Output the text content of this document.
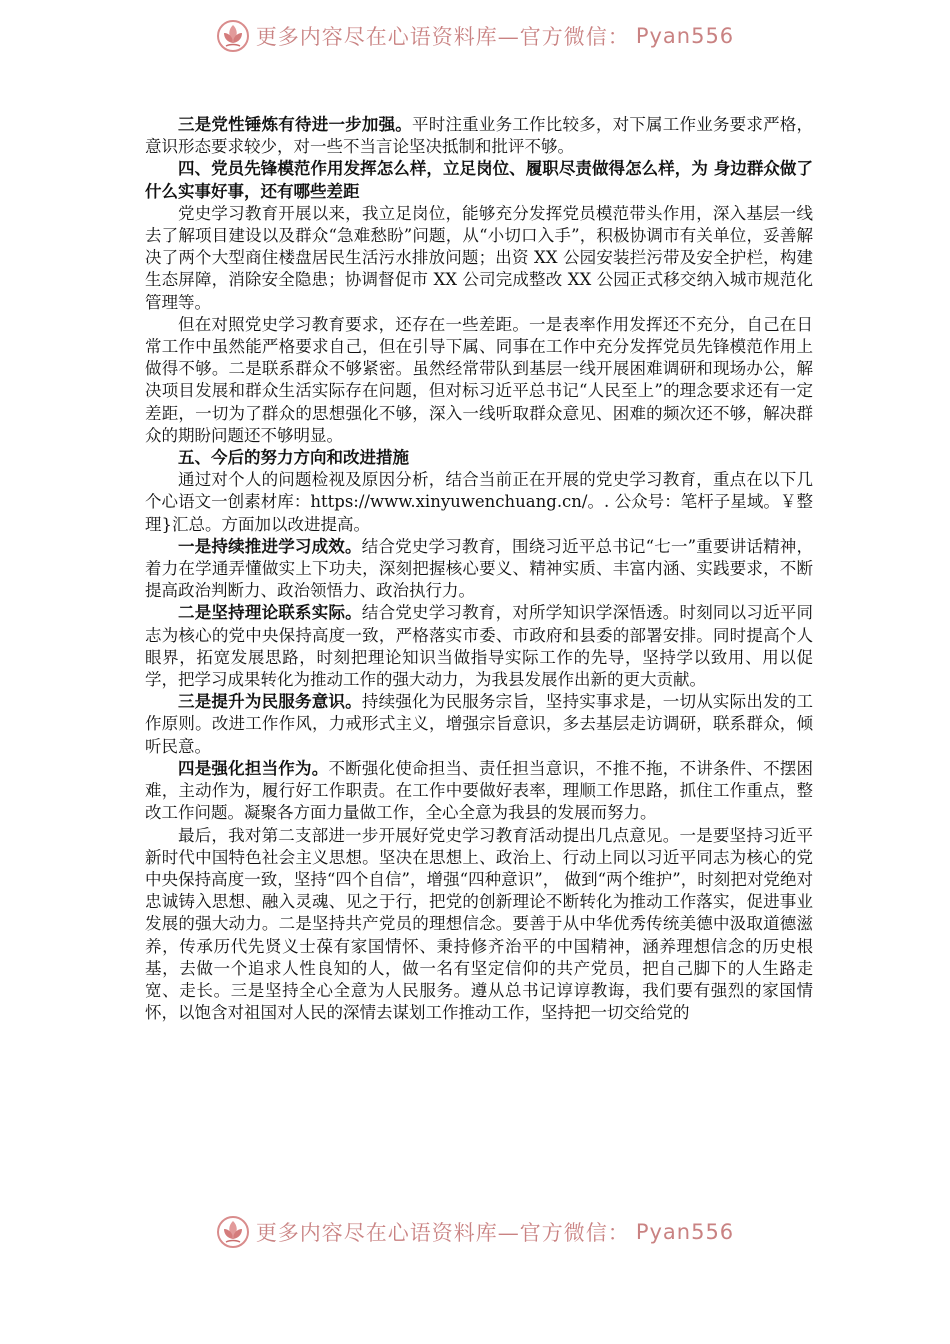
更多内容尽在心语资料库—官方微信： Pyan556

三是党性锤炼有待进一步加强。平时注重业务工作比较多，对下属工作业务要求严格，意识形态要求较少，对一些不当言论坚决抵制和批评不够。

四、党员先锋模范作用发挥怎么样，立足岗位、履职尽责做得怎么样，为 身边群众做了什么实事好事，还有哪些差距

党史学习教育开展以来，我立足岗位，能够充分发挥党员模范带头作用，深入基层一线去了解项目建设以及群众“急难愁盼”问题，从“小切口入手”，积极协调市有关单位，妥善解决了两个大型商住楼盘居民生活污水排放问题；出资 XX 公园安装拦污带及安全护栏，构建生态屏障，消除安全隐患；协调督促市 XX 公司完成整改 XX 公园正式移交纳入城市规范化管理等。

但在对照党史学习教育要求，还存在一些差距。一是表率作用发挥还不充分，自己在日常工作中虽然能严格要求自己，但在引导下属、同事在工作中充分发挥党员先锋模范作用上做得不够。二是联系群众不够紧密。虽然经常带队到基层一线开展困难调研和现场办公，解决项目发展和群众生活实际存在问题，但对标习近平总书记“人民至上”的理念要求还有一定差距，一切为了群众的思想强化不够，深入一线听取群众意见、困难的频次还不够，解决群众的期盼问题还不够明显。

五、今后的努力方向和改进措施

通过对个人的问题检视及原因分析，结合当前正在开展的党史学习教育，重点在以下几个心语文一创素材库：https://www.xinyuwenchuang.cn/。. 公众号：笔杆子星域。￥整理}汇总。方面加以改进提高。

一是持续推进学习成效。结合党史学习教育，围绕习近平总书记“七一”重要讲话精神，着力在学通弄懂做实上下功夫，深刻把握核心要义、精神实质、丰富内涵、实践要求，不断提高政治判断力、政治领悟力、政治执行力。

二是坚持理论联系实际。结合党史学习教育，对所学知识学深悟透。时刻同以习近平同志为核心的党中央保持高度一致，严格落实市委、市政府和县委的部署安排。同时提高个人眼界，拓宽发展思路，时刻把理论知识当做指导实际工作的先导，坚持学以致用、用以促学，把学习成果转化为推动工作的强大动力，为我县发展作出新的更大贡献。

三是提升为民服务意识。持续强化为民服务宗旨，坚持实事求是，一切从实际出发的工作原则。改进工作作风，力戒形式主义，增强宗旨意识，多去基层走访调研，联系群众，倾听民意。

四是强化担当作为。不断强化使命担当、责任担当意识，不推不拖，不讲条件、不摆困难，主动作为，履行好工作职责。在工作中要做好表率，理顺工作思路，抓住工作重点，整改工作问题。凝聚各方面力量做工作，全心全意为我县的发展而努力。

最后，我对第二支部进一步开展好党史学习教育活动提出几点意见。一是要坚持习近平新时代中国特色社会主义思想。坚决在思想上、政治上、行动上同以习近平同志为核心的党中央保持高度一致，坚持“四个自信”，增强“四种意识”， 做到“两个维护”，时刻把对党绝对忠诚铸入思想、融入灵魂、见之于行，把党的创新理论不断转化为推动工作落实，促进事业发展的强大动力。二是坚持共产党员的理想信念。要善于从中华优秀传统美德中汲取道德滋养，传承历代先贤义士葆有家国情怀、秉持修齐治平的中国精神，涵养理想信念的历史根基，去做一个追求人性良知的人，做一名有坚定信仰的共产党员，把自己脚下的人生路走宽、走长。三是坚持全心全意为人民服务。遵从总书记谆谆教诲，我们要有强烈的家国情怀，以饱含对祖国对人民的深情去谋划工作推动工作，坚持把一切交给党的

更多内容尽在心语资料库—官方微信： Pyan556
